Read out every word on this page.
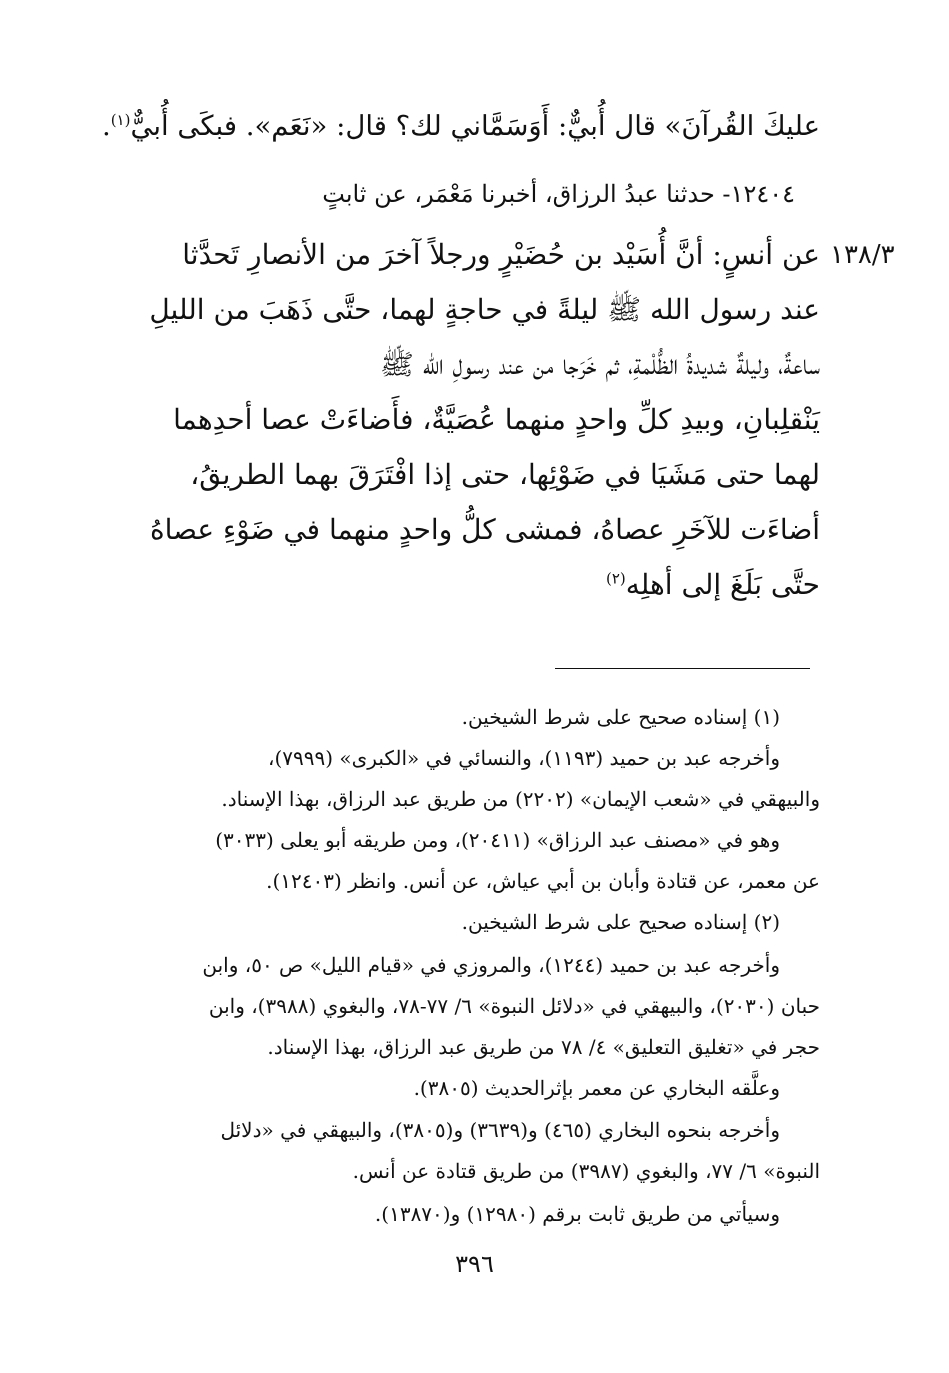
عليكَ القُرآنَ» قال أُبيٌّ: أَوَسَمَّاني لك؟ قال: «نَعَم». فبكَى أُبيٌّ$^{(١)}$.
١٢٤٠٤- حدثنا عبدُ الرزاق، أخبرنا مَعْمَر، عن ثابتٍ
عن أنسٍ: أنَّ أُسَيْد بن حُضَيْرٍ ورجلاً آخرَ من الأنصارِ تَحدَّثا
عند رسول الله ﷺ ليلةً في حاجةٍ لهما، حتَّى ذَهَبَ من الليلِ
ساعةٌ، وليلةٌ شديدةُ الظُّلْمةِ، ثم خَرَجا من عند رسولِ الله ﷺ
يَنْقلِبانِ، وبيدِ كلِّ واحدٍ منهما عُصَيَّةٌ، فأَضاءَتْ عصا أحدِهما
لهما حتى مَشَيَا في ضَوْئِها، حتى إذا افْتَرَقَ بهما الطريقُ،
أضاءَت للآخَرِ عصاهُ، فمشى كلُّ واحدٍ منهما في ضَوْءِ عصاهُ
حتَّى بَلَغَ إلى أهلِه$^{(٢)}$
١٣٨/٣
(١) إسناده صحيح على شرط الشيخين.
وأخرجه عبد بن حميد (١١٩٣)، والنسائي في «الكبرى» (٧٩٩٩)،
والبيهقي في «شعب الإيمان» (٢٢٠٢) من طريق عبد الرزاق، بهذا الإسناد.
وهو في «مصنف عبد الرزاق» (٢٠٤١١)، ومن طريقه أبو يعلى (٣٠٣٣)
عن معمر، عن قتادة وأبان بن أبي عياش، عن أنس. وانظر (١٢٤٠٣).
(٢) إسناده صحيح على شرط الشيخين.
وأخرجه عبد بن حميد (١٢٤٤)، والمروزي في «قيام الليل» ص ٥٠، وابن
حبان (٢٠٣٠)، والبيهقي في «دلائل النبوة» ٦/ ٧٧-٧٨، والبغوي (٣٩٨٨)، وابن
حجر في «تغليق التعليق» ٤/ ٧٨ من طريق عبد الرزاق، بهذا الإسناد.
وعلَّقه البخاري عن معمر بإثرالحديث (٣٨٠٥).
وأخرجه بنحوه البخاري (٤٦٥) و(٣٦٣٩) و(٣٨٠٥)، والبيهقي في «دلائل
النبوة» ٦/ ٧٧، والبغوي (٣٩٨٧) من طريق قتادة عن أنس.
وسيأتي من طريق ثابت برقم (١٢٩٨٠) و(١٣٨٧٠).
٣٩٦
